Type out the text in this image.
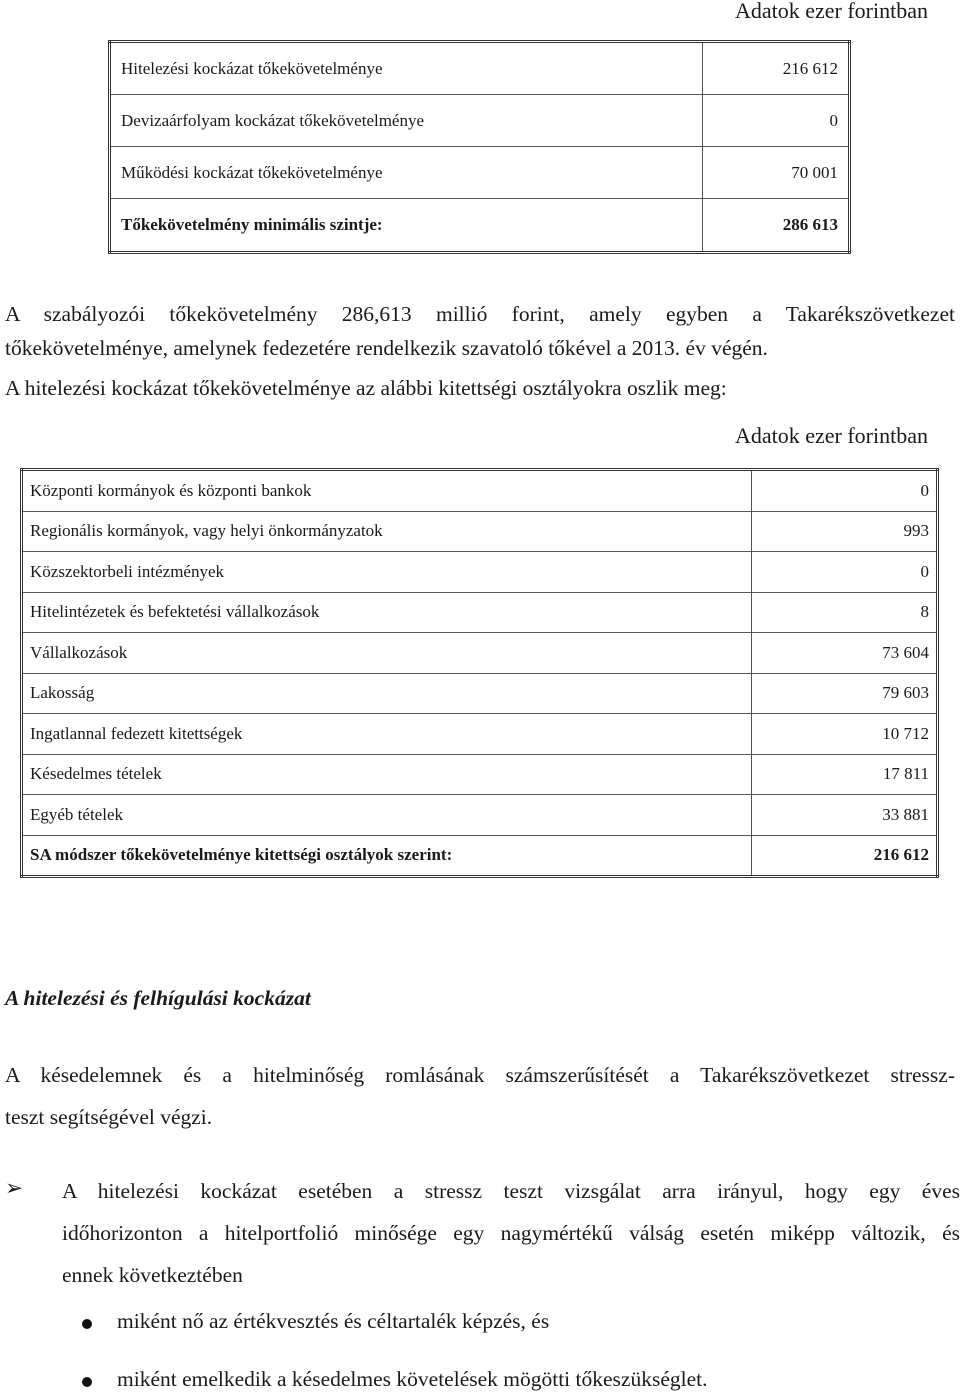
Adatok ezer forintban
Hitelezési kockázat tőkekövetelménye	216 612
Devizaárfolyam kockázat tőkekövetelménye	0
Működési kockázat tőkekövetelménye	70 001
Tőkekövetelmény minimális szintje:	286 613

A szabályozói tőkekövetelmény 286,613 millió forint, amely egyben a Takarékszövetkezet

tőkekövetelménye, amelynek fedezetére rendelkezik szavatoló tőkével a 2013. év végén.

A hitelezési kockázat tőkekövetelménye az alábbi kitettségi osztályokra oszlik meg:

Adatok ezer forintban
Központi kormányok és központi bankok	0
Regionális kormányok, vagy helyi önkormányzatok	993
Közszektorbeli intézmények	0
Hitelintézetek és befektetési vállalkozások	8
Vállalkozások	73 604
Lakosság	79 603
Ingatlannal fedezett kitettségek	10 712
Késedelmes tételek	17 811
Egyéb tételek	33 881
SA módszer tőkekövetelménye kitettségi osztályok szerint:	216 612

A hitelezési és felhígulási kockázat

A késedelemnek és a hitelminőség romlásának számszerűsítését a Takarékszövetkezet stressz-
teszt segítségével végzi.

➢ A hitelezési kockázat esetében a stressz teszt vizsgálat arra irányul, hogy egy éves
időhorizonton a hitelportfolió minősége egy nagymértékű válság esetén miképp változik, és
ennek következtében

miként nő az értékvesztés és céltartalék képzés, és
miként emelkedik a késedelmes követelések mögötti tőkeszükséglet.
